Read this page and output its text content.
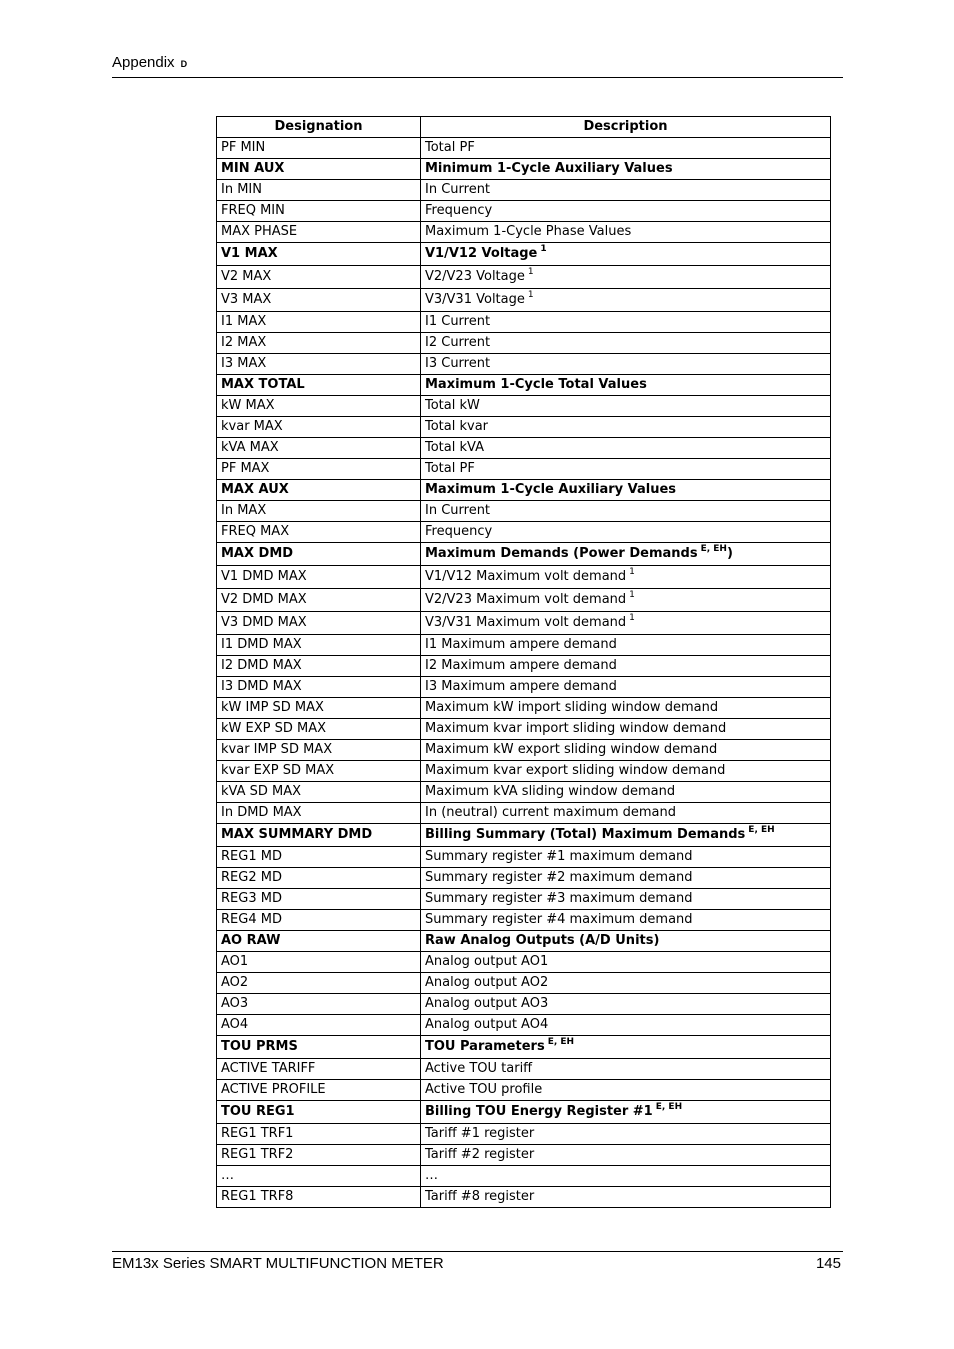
Appendix D
Designation	Description
PF MIN	Total PF
MIN AUX	Minimum 1-Cycle Auxiliary Values
In MIN	In Current
FREQ MIN	Frequency
MAX PHASE	Maximum 1-Cycle Phase Values
V1 MAX	V1/V12 Voltage $^1$
V2 MAX	V2/V23 Voltage $^1$
V3 MAX	V3/V31 Voltage $^1$
I1 MAX	I1 Current
I2 MAX	I2 Current
I3 MAX	I3 Current
MAX TOTAL	Maximum 1-Cycle Total Values
kW MAX	Total kW
kvar MAX	Total kvar
kVA MAX	Total kVA
PF MAX	Total PF
MAX AUX	Maximum 1-Cycle Auxiliary Values
In MAX	In Current
FREQ MAX	Frequency
MAX DMD	Maximum Demands (Power Demands $^{E, EH}$)
V1 DMD MAX	V1/V12 Maximum volt demand $^1$
V2 DMD MAX	V2/V23 Maximum volt demand $^1$
V3 DMD MAX	V3/V31 Maximum volt demand $^1$
I1 DMD MAX	I1 Maximum ampere demand
I2 DMD MAX	I2 Maximum ampere demand
I3 DMD MAX	I3 Maximum ampere demand
kW IMP SD MAX	Maximum kW import sliding window demand
kW EXP SD MAX	Maximum kvar import sliding window demand
kvar IMP SD MAX	Maximum kW export sliding window demand
kvar EXP SD MAX	Maximum kvar export sliding window demand
kVA SD MAX	Maximum kVA sliding window demand
In DMD MAX	In (neutral) current maximum demand
MAX SUMMARY DMD	Billing Summary (Total) Maximum Demands $^{E, EH}$
REG1 MD	Summary register #1 maximum demand
REG2 MD	Summary register #2 maximum demand
REG3 MD	Summary register #3 maximum demand
REG4 MD	Summary register #4 maximum demand
AO RAW	Raw Analog Outputs (A/D Units)
AO1	Analog output AO1
AO2	Analog output AO2
AO3	Analog output AO3
AO4	Analog output AO4
TOU PRMS	TOU Parameters $^{E, EH}$
ACTIVE TARIFF	Active TOU tariff
ACTIVE PROFILE	Active TOU profile
TOU REG1	Billing TOU Energy Register #1 $^{E, EH}$
REG1 TRF1	Tariff #1 register
REG1 TRF2	Tariff #2 register
…	…
REG1 TRF8	Tariff #8 register
EM13x Series SMART MULTIFUNCTION METER	145
